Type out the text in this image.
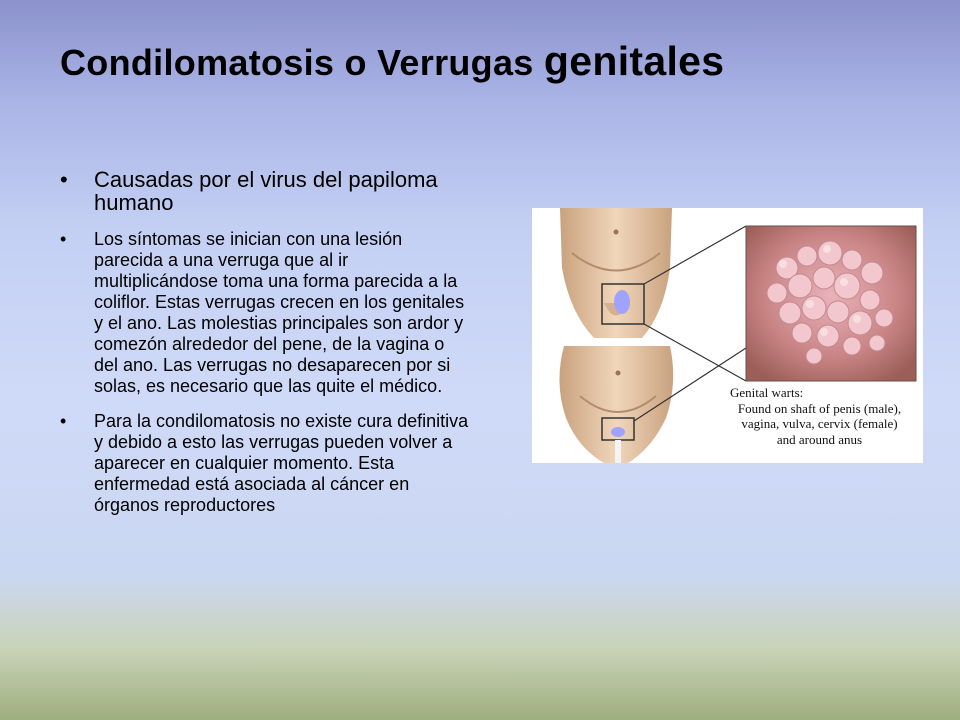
Condilomatosis o Verrugas genitales
• Causadas por el virus del papiloma humano
• Los síntomas se inician con una lesión parecida a una verruga que al ir multiplicándose toma una forma parecida a la coliflor. Estas verrugas crecen en los genitales y el ano. Las molestias principales son ardor y comezón alrededor del pene, de la vagina o del ano. Las verrugas no desaparecen por si solas, es necesario que las quite el médico.
• Para la condilomatosis no existe cura definitiva y debido a esto las verrugas pueden volver a aparecer en cualquier momento. Esta enfermedad está asociada al cáncer en órganos reproductores
Genital warts:
Found on shaft of penis (male),
vagina, vulva, cervix (female)
and around anus
